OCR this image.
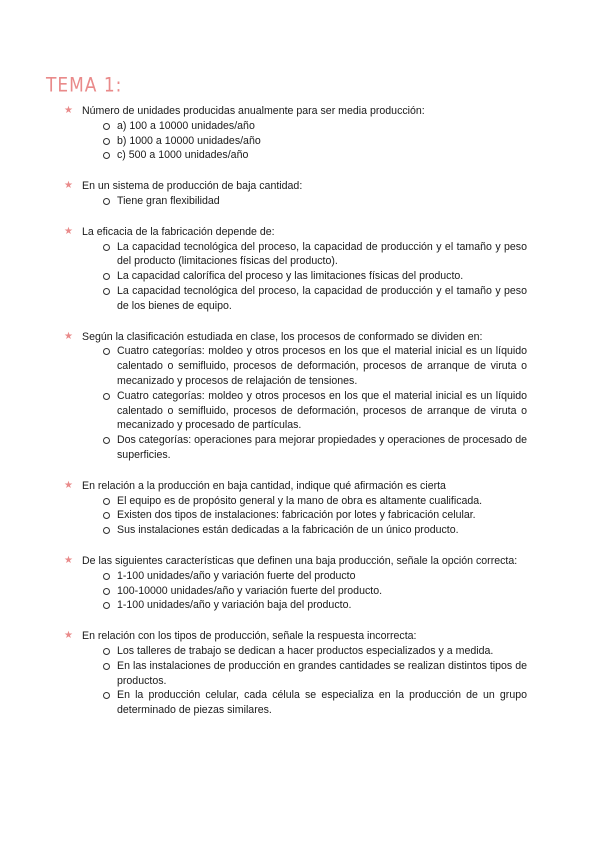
TEMA 1:
★ Número de unidades producidas anualmente para ser media producción:
a) 100 a 10000 unidades/año
b) 1000 a 10000 unidades/año
c) 500 a 1000 unidades/año
★ En un sistema de producción de baja cantidad:
Tiene gran flexibilidad
★ La eficacia de la fabricación depende de:
La capacidad tecnológica del proceso, la capacidad de producción y el tamaño y peso del producto (limitaciones físicas del producto).
La capacidad calorífica del proceso y las limitaciones físicas del producto.
La capacidad tecnológica del proceso, la capacidad de producción y el tamaño y peso de los bienes de equipo.
★ Según la clasificación estudiada en clase, los procesos de conformado se dividen en:
Cuatro categorías: moldeo y otros procesos en los que el material inicial es un líquido calentado o semifluido, procesos de deformación, procesos de arranque de viruta o mecanizado y procesos de relajación de tensiones.
Cuatro categorías: moldeo y otros procesos en los que el material inicial es un líquido calentado o semifluido, procesos de deformación, procesos de arranque de viruta o mecanizado y procesado de partículas.
Dos categorías: operaciones para mejorar propiedades y operaciones de procesado de superficies.
★ En relación a la producción en baja cantidad, indique qué afirmación es cierta
El equipo es de propósito general y la mano de obra es altamente cualificada.
Existen dos tipos de instalaciones: fabricación por lotes y fabricación celular.
Sus instalaciones están dedicadas a la fabricación de un único producto.
★ De las siguientes características que definen una baja producción, señale la opción correcta:
1-100 unidades/año y variación fuerte del producto
100-10000 unidades/año y variación fuerte del producto.
1-100 unidades/año y variación baja del producto.
★ En relación con los tipos de producción, señale la respuesta incorrecta:
Los talleres de trabajo se dedican a hacer productos especializados y a medida.
En las instalaciones de producción en grandes cantidades se realizan distintos tipos de productos.
En la producción celular, cada célula se especializa en la producción de un grupo determinado de piezas similares.
